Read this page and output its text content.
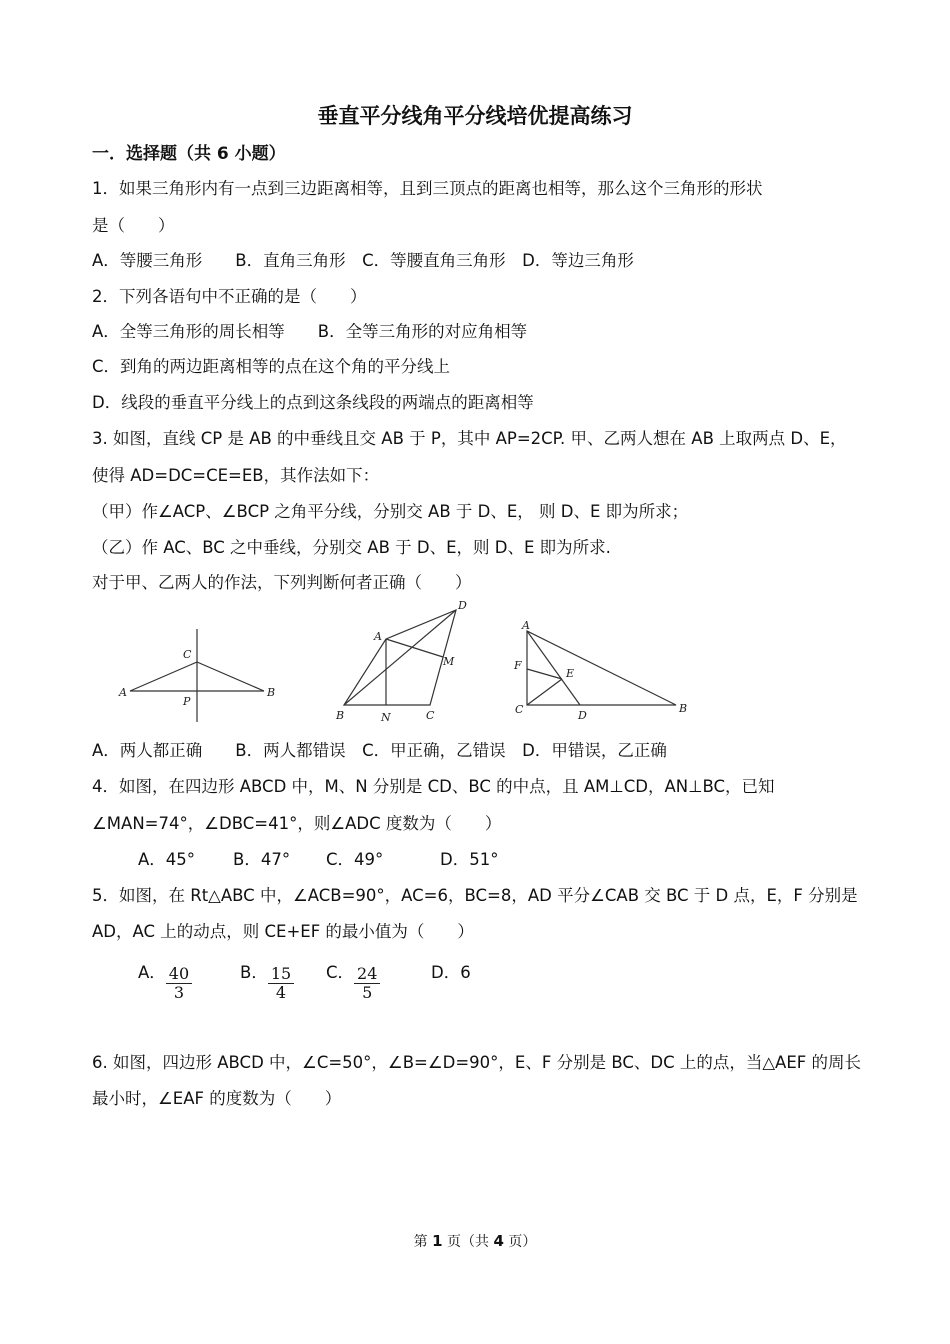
垂直平分线角平分线培优提高练习
一．选择题（共 6 小题）
1．如果三角形内有一点到三边距离相等，且到三顶点的距离也相等，那么这个三角形的形状
是（　　）
A．等腰三角形　　B．直角三角形　C．等腰直角三角形　D．等边三角形
2．下列各语句中不正确的是（　　）
A．全等三角形的周长相等　　B．全等三角形的对应角相等
C．到角的两边距离相等的点在这个角的平分线上
D．线段的垂直平分线上的点到这条线段的两端点的距离相等
3. 如图，直线 CP 是 AB 的中垂线且交 AB 于 P，其中 AP=2CP. 甲、乙两人想在 AB 上取两点 D、E，
使得 AD=DC=CE=EB，其作法如下：
（甲）作∠ACP、∠BCP 之角平分线，分别交 AB 于 D、E， 则 D、E 即为所求；
（乙）作 AC、BC 之中垂线，分别交 AB 于 D、E，则 D、E 即为所求.
对于甲、乙两人的作法，下列判断何者正确（　　）
C
A
P
B
D
A
M
B	N	C
A
F
E
C	D
B
A．两人都正确　　B．两人都错误　C．甲正确，乙错误　D．甲错误，乙正确
4．如图，在四边形 ABCD 中，M、N 分别是 CD、BC 的中点，且 AM⊥CD，AN⊥BC，已知
∠MAN=74°，∠DBC=41°，则∠ADC 度数为（　　）
A．45° B．47° C．49°	D．51°
5．如图，在 Rt△ABC 中，∠ACB=90°，AC=6，BC=8，AD 平分∠CAB 交 BC 于 D 点，E，F 分别是
AD，AC 上的动点，则 CE+EF 的最小值为（　　）
A． $\frac{40}{3}$	B． $\frac{15}{4}$ C． $\frac{24}{5}$	D．6
6. 如图，四边形 ABCD 中，∠C=50°，∠B=∠D=90°，E、F 分别是 BC、DC 上的点，当△AEF 的周长
最小时，∠EAF 的度数为（　　）
第 1 页（共 4 页）
